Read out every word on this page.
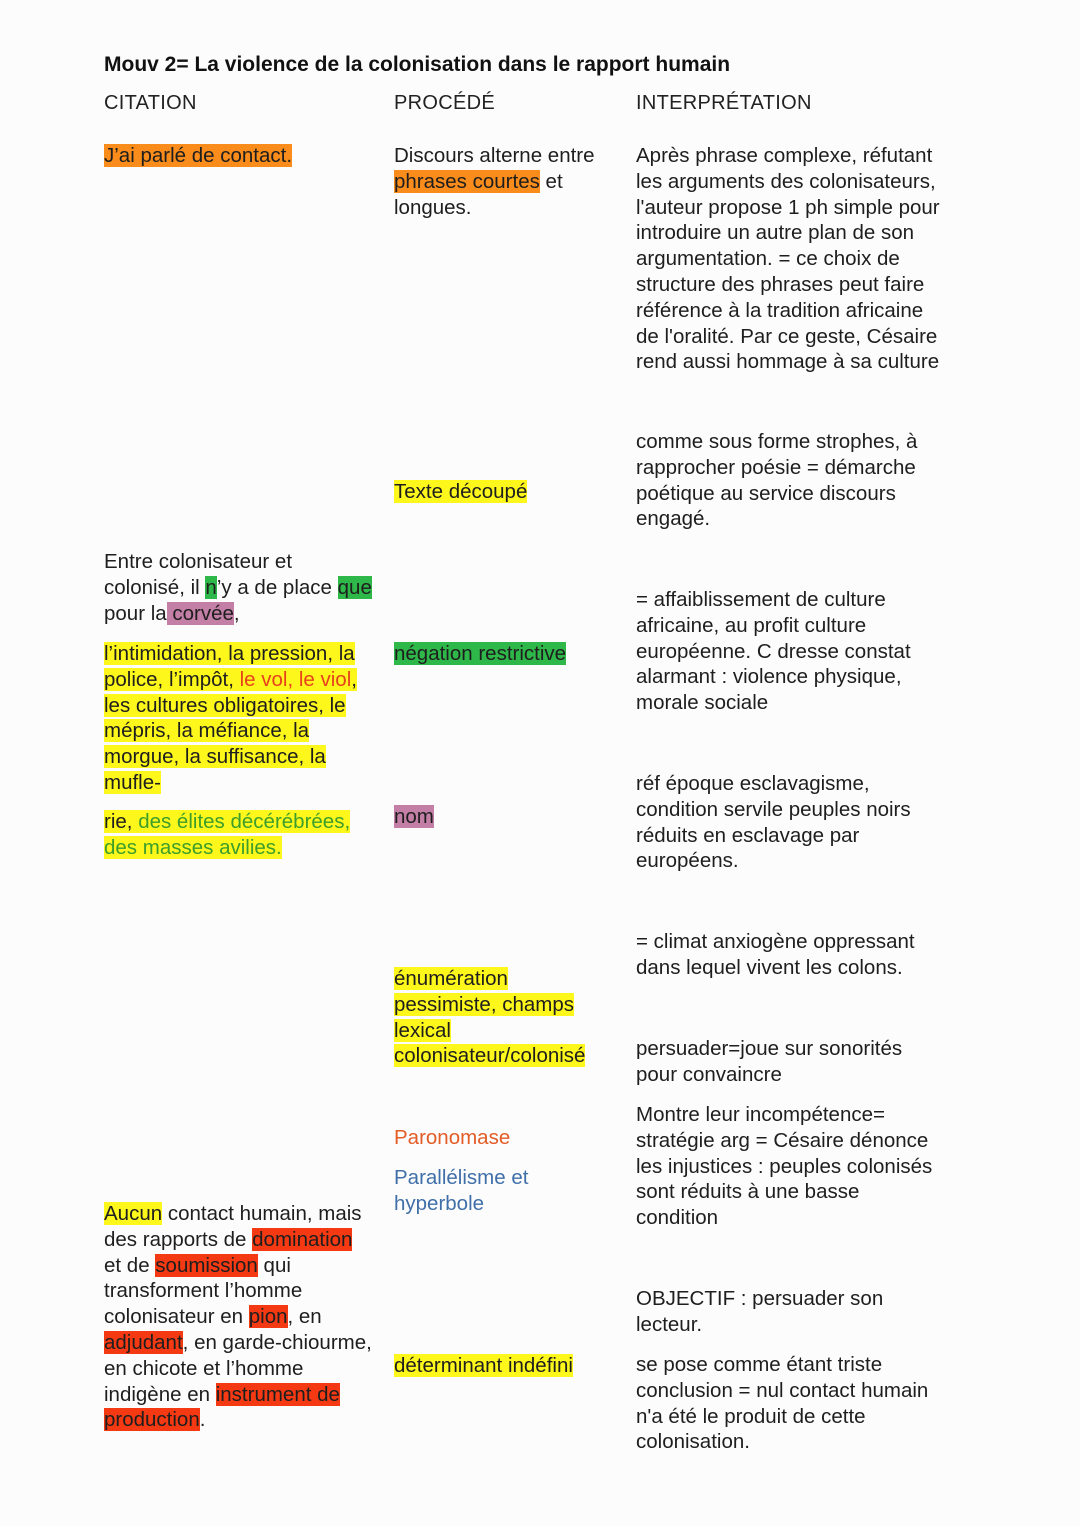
Mouv 2= La violence de la colonisation dans le rapport humain
CITATION	PROCÉDÉ	INTERPRÉTATION
J’ai parlé de contact.
Entre colonisateur et
colonisé, il n’y a de place que
pour la corvée,
l’intimidation, la pression, la
police, l’impôt, le vol, le viol,
les cultures obligatoires, le
mépris, la méfiance, la
morgue, la suffisance, la
mufle-
rie, des élites décérébrées,
des masses avilies.
Aucun contact humain, mais
des rapports de domination
et de soumission qui
transforment l’homme
colonisateur en pion, en
adjudant, en garde-chiourme,
en chicote et l’homme
indigène en instrument de
production.
Discours alterne entre
phrases courtes et
longues.
Texte découpé
négation restrictive
nom
énumération
pessimiste, champs
lexical
colonisateur/colonisé
Paronomase
Parallélisme et
hyperbole
déterminant indéfini
Après phrase complexe, réfutant
les arguments des colonisateurs,
l'auteur propose 1 ph simple pour
introduire un autre plan de son
argumentation. = ce choix de
structure des phrases peut faire
référence à la tradition africaine
de l'oralité. Par ce geste, Césaire
rend aussi hommage à sa culture
comme sous forme strophes, à
rapprocher poésie = démarche
poétique au service discours
engagé.
= affaiblissement de culture
africaine, au profit culture
européenne. C dresse constat
alarmant : violence physique,
morale sociale
réf époque esclavagisme,
condition servile peuples noirs
réduits en esclavage par
européens.
= climat anxiogène oppressant
dans lequel vivent les colons.
persuader=joue sur sonorités
pour convaincre
Montre leur incompétence=
stratégie arg = Césaire dénonce
les injustices : peuples colonisés
sont réduits à une basse
condition
OBJECTIF : persuader son
lecteur.
se pose comme étant triste
conclusion = nul contact humain
n'a été le produit de cette
colonisation.
